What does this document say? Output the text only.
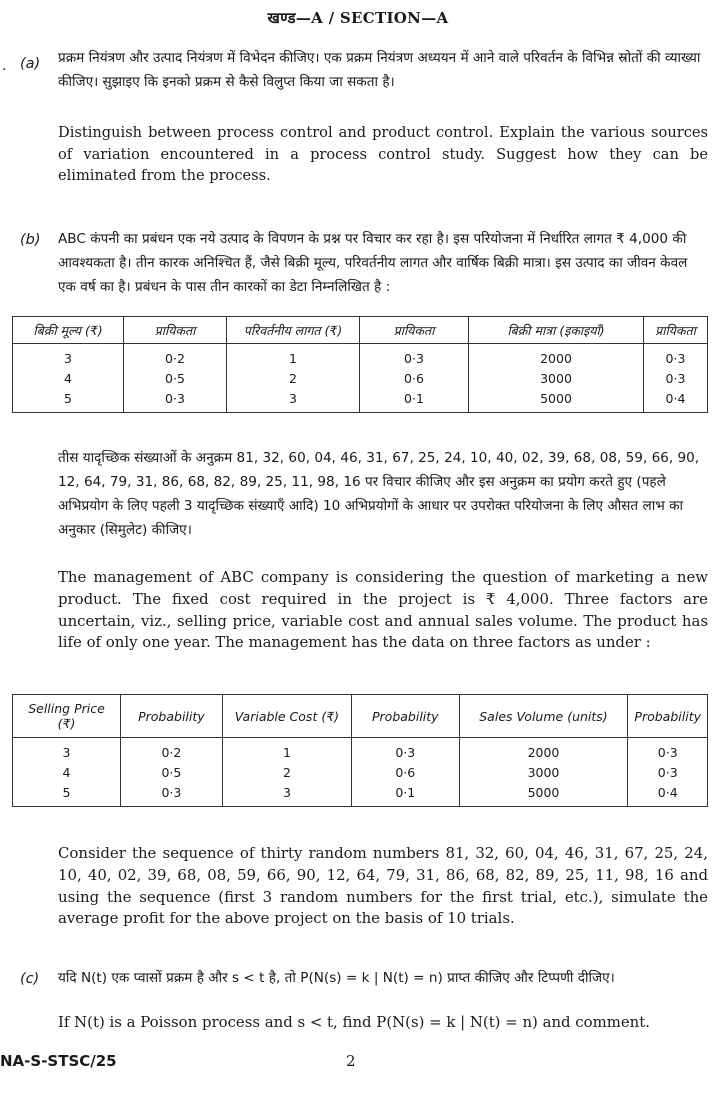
खण्ड—A / SECTION—A
. (a) प्रक्रम नियंत्रण और उत्पाद नियंत्रण में विभेदन कीजिए। एक प्रक्रम नियंत्रण अध्ययन में आने वाले परिवर्तन के विभिन्न स्रोतों की व्याख्या कीजिए। सुझाइए कि इनको प्रक्रम से कैसे विलुप्त किया जा सकता है।
Distinguish between process control and product control. Explain the various sources of variation encountered in a process control study. Suggest how they can be eliminated from the process.
(b) ABC कंपनी का प्रबंधन एक नये उत्पाद के विपणन के प्रश्न पर विचार कर रहा है। इस परियोजना में निर्धारित लागत ₹ 4,000 की आवश्यकता है। तीन कारक अनिश्चित हैं, जैसे बिक्री मूल्य, परिवर्तनीय लागत और वार्षिक बिक्री मात्रा। इस उत्पाद का जीवन केवल एक वर्ष का है। प्रबंधन के पास तीन कारकों का डेटा निम्नलिखित है :
बिक्री मूल्य (₹)	प्रायिकता	परिवर्तनीय लागत (₹)	प्रायिकता	बिक्री मात्रा (इकाइयाँ)	प्रायिकता
3	0·2	1	0·3	2000	0·3
4	0·5	2	0·6	3000	0·3
5	0·3	3	0·1	5000	0·4
तीस यादृच्छिक संख्याओं के अनुक्रम 81, 32, 60, 04, 46, 31, 67, 25, 24, 10, 40, 02, 39, 68, 08, 59, 66, 90, 12, 64, 79, 31, 86, 68, 82, 89, 25, 11, 98, 16 पर विचार कीजिए और इस अनुक्रम का प्रयोग करते हुए (पहले अभिप्रयोग के लिए पहली 3 यादृच्छिक संख्याएँ आदि) 10 अभिप्रयोगों के आधार पर उपरोक्त परियोजना के लिए औसत लाभ का अनुकार (सिमुलेट) कीजिए।
The management of ABC company is considering the question of marketing a new product. The fixed cost required in the project is ₹ 4,000. Three factors are uncertain, viz., selling price, variable cost and annual sales volume. The product has life of only one year. The management has the data on three factors as under :
Selling Price (₹)	Probability	Variable Cost (₹)	Probability	Sales Volume (units)	Probability
3	0·2	1	0·3	2000	0·3
4	0·5	2	0·6	3000	0·3
5	0·3	3	0·1	5000	0·4
Consider the sequence of thirty random numbers 81, 32, 60, 04, 46, 31, 67, 25, 24, 10, 40, 02, 39, 68, 08, 59, 66, 90, 12, 64, 79, 31, 86, 68, 82, 89, 25, 11, 98, 16 and using the sequence (first 3 random numbers for the first trial, etc.), simulate the average profit for the above project on the basis of 10 trials.
(c) यदि N(t) एक प्वासों प्रक्रम है और s < t है, तो P(N(s) = k | N(t) = n) प्राप्त कीजिए और टिप्पणी दीजिए।
If N(t) is a Poisson process and s < t, find P(N(s) = k | N(t) = n) and comment.
NA-S-STSC/25	2
